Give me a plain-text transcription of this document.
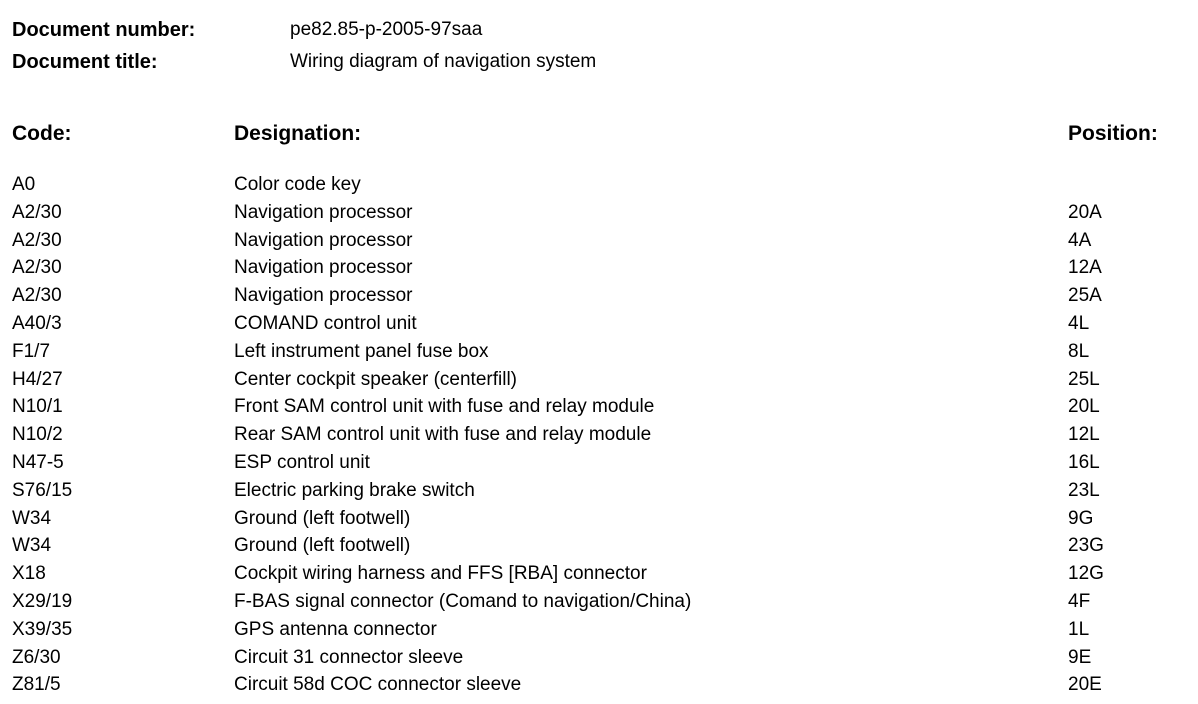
Document number:	pe82.85-p-2005-97saa
Document title:	Wiring diagram of navigation system
Code:	Designation:	Position:
A0	Color code key
A2/30	Navigation processor	20A
A2/30	Navigation processor	4A
A2/30	Navigation processor	12A
A2/30	Navigation processor	25A
A40/3	COMAND control unit	4L
F1/7	Left instrument panel fuse box	8L
H4/27	Center cockpit speaker (centerfill)	25L
N10/1	Front SAM control unit with fuse and relay module	20L
N10/2	Rear SAM control unit with fuse and relay module	12L
N47-5	ESP control unit	16L
S76/15	Electric parking brake switch	23L
W34	Ground (left footwell)	9G
W34	Ground (left footwell)	23G
X18	Cockpit wiring harness and FFS [RBA] connector	12G
X29/19	F-BAS signal connector (Comand to navigation/China)	4F
X39/35	GPS antenna connector	1L
Z6/30	Circuit 31 connector sleeve	9E
Z81/5	Circuit 58d COC connector sleeve	20E
